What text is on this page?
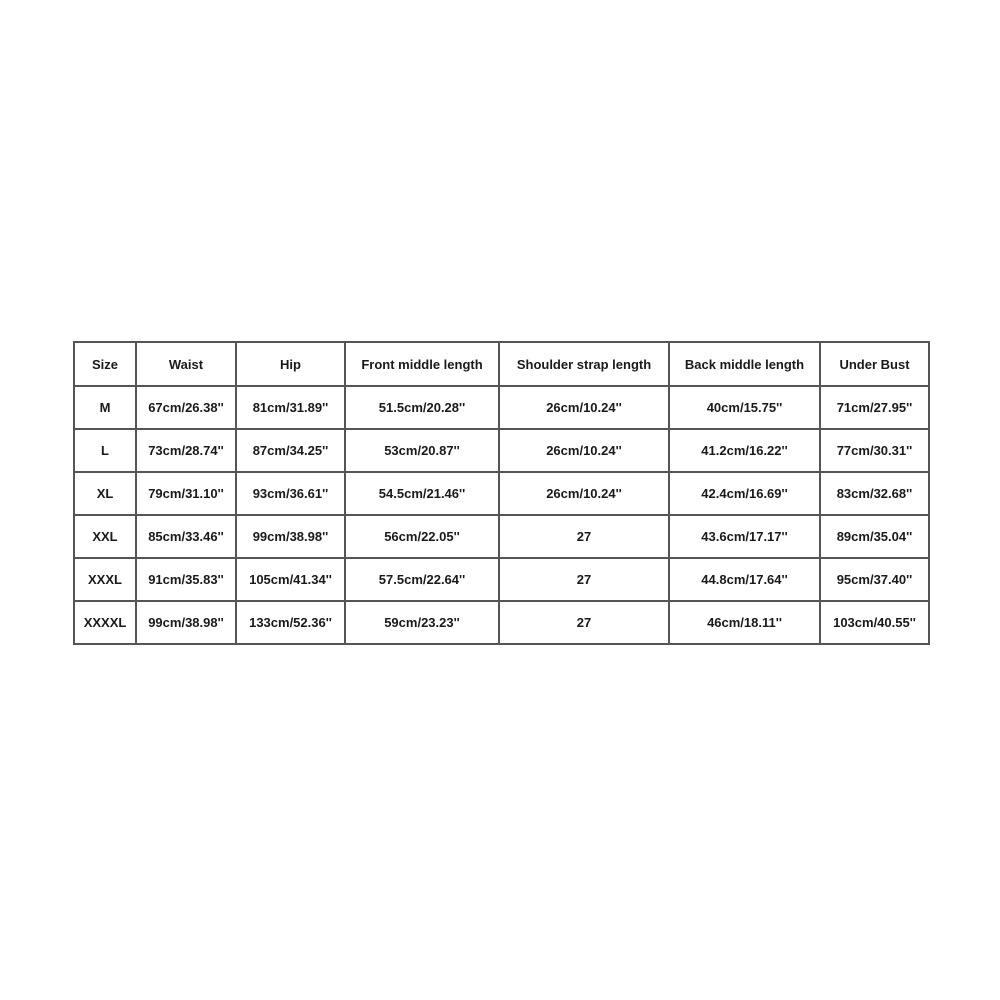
Size	Waist	Hip	Front middle length	Shoulder strap length	Back middle length	Under Bust
M	67cm/26.38''	81cm/31.89''	51.5cm/20.28''	26cm/10.24''	40cm/15.75''	71cm/27.95''
L	73cm/28.74''	87cm/34.25''	53cm/20.87''	26cm/10.24''	41.2cm/16.22''	77cm/30.31''
XL	79cm/31.10''	93cm/36.61''	54.5cm/21.46''	26cm/10.24''	42.4cm/16.69''	83cm/32.68''
XXL	85cm/33.46''	99cm/38.98''	56cm/22.05''	27	43.6cm/17.17''	89cm/35.04''
XXXL	91cm/35.83''	105cm/41.34''	57.5cm/22.64''	27	44.8cm/17.64''	95cm/37.40''
XXXXL	99cm/38.98''	133cm/52.36''	59cm/23.23''	27	46cm/18.11''	103cm/40.55''
